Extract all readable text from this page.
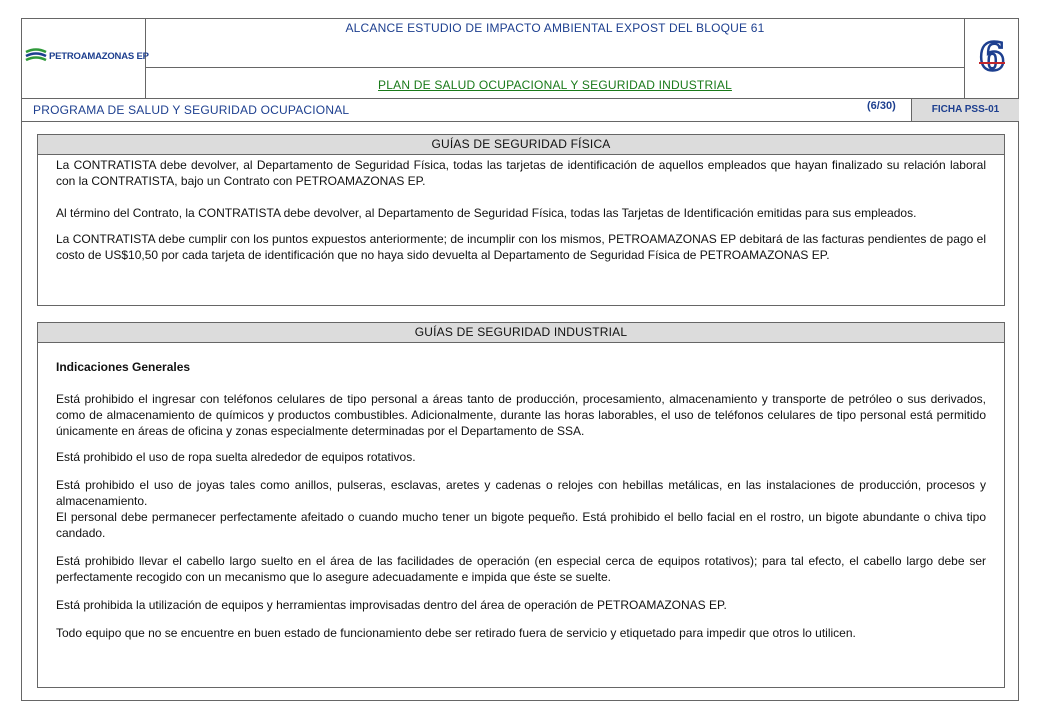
PETROAMAZONAS EP
ALCANCE ESTUDIO DE IMPACTO AMBIENTAL EXPOST DEL BLOQUE 61
PLAN DE SALUD OCUPACIONAL Y SEGURIDAD INDUSTRIAL
6
PROGRAMA DE SALUD Y SEGURIDAD OCUPACIONAL	(6/30)	FICHA PSS-01
GUÍAS DE SEGURIDAD FÍSICA

La CONTRATISTA debe devolver, al Departamento de Seguridad Física, todas las tarjetas de identificación de aquellos empleados que hayan finalizado su relación laboral con la CONTRATISTA, bajo un Contrato con PETROAMAZONAS EP.

Al término del Contrato, la CONTRATISTA debe devolver, al Departamento de Seguridad Física, todas las Tarjetas de Identificación emitidas para sus empleados.

La CONTRATISTA debe cumplir con los puntos expuestos anteriormente; de incumplir con los mismos, PETROAMAZONAS EP debitará de las facturas pendientes de pago el costo de US$10,50 por cada tarjeta de identificación que no haya sido devuelta al Departamento de Seguridad Física de PETROAMAZONAS EP.

GUÍAS DE SEGURIDAD INDUSTRIAL

Indicaciones Generales

Está prohibido el ingresar con teléfonos celulares de tipo personal a áreas tanto de producción, procesamiento, almacenamiento y transporte de petróleo o sus derivados, como de almacenamiento de químicos y productos combustibles. Adicionalmente, durante las horas laborables, el uso de teléfonos celulares de tipo personal está permitido únicamente en áreas de oficina y zonas especialmente determinadas por el Departamento de SSA.

Está prohibido el uso de ropa suelta alrededor de equipos rotativos.

Está prohibido el uso de joyas tales como anillos, pulseras, esclavas, aretes y cadenas o relojes con hebillas metálicas, en las instalaciones de producción, procesos y almacenamiento.

El personal debe permanecer perfectamente afeitado o cuando mucho tener un bigote pequeño. Está prohibido el bello facial en el rostro, un bigote abundante o chiva tipo candado.

Está prohibido llevar el cabello largo suelto en el área de las facilidades de operación (en especial cerca de equipos rotativos); para tal efecto, el cabello largo debe ser perfectamente recogido con un mecanismo que lo asegure adecuadamente e impida que éste se suelte.

Está prohibida la utilización de equipos y herramientas improvisadas dentro del área de operación de PETROAMAZONAS EP.

Todo equipo que no se encuentre en buen estado de funcionamiento debe ser retirado fuera de servicio y etiquetado para impedir que otros lo utilicen.
